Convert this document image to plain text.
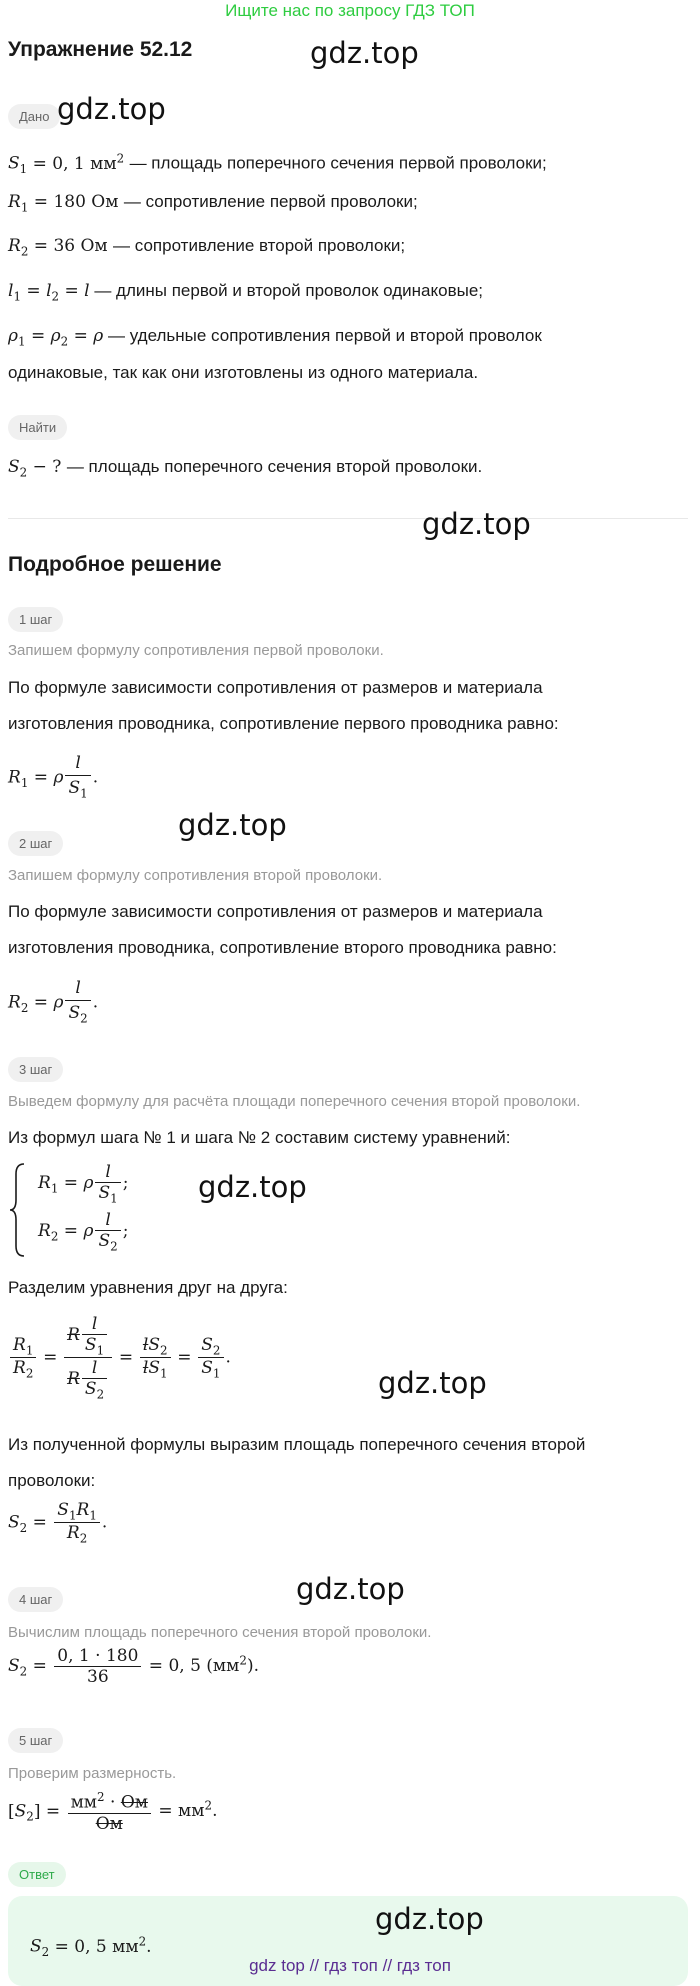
Ищите нас по запросу ГДЗ ТОП
Упражнение 52.12	gdz.top
Дано gdz.top
$S_1 = 0$, 1 $мм^2$ — площадь поперечного сечения первой проволоки;
$R_1 = 180$ Ом — сопротивление первой проволоки;
$R_2 = 36$ Ом — сопротивление второй проволоки;
$l_1 = l_2 = l$ — длины первой и второй проволок одинаковые;
$\rho_1 = \rho_2 = \rho$ — удельные сопротивления первой и второй проволок
одинаковые, так как они изготовлены из одного материала.
Найти
$S_2$ − ? — площадь поперечного сечения второй проволоки.
gdz.top
Подробное решение
1 шаг
Запишем формулу сопротивления первой проволоки.
По формуле зависимости сопротивления от размеров и материала
изготовления проводника, сопротивление первого проводника равно:
$R_1 = \rho \frac{l}{S_1}$ .
gdz.top
2 шаг
Запишем формулу сопротивления второй проволоки.
По формуле зависимости сопротивления от размеров и материала
изготовления проводника, сопротивление второго проводника равно:
$R_2 = \rho \frac{l}{S_2}$ .
3 шаг
Выведем формулу для расчёта площади поперечного сечения второй проволоки.
Из формул шага № 1 и шага № 2 составим систему уравнений:
$R_1 = \rho \frac{l}{S_1}$ ;
$R_2 = \rho \frac{l}{S_2}$ ;
gdz.top
Разделим уравнения друг на друга:
$\frac{R_1}{R_2} = \frac{R \frac{l}{S_1}}{R \frac{l}{S_2}} = \frac{lS_2}{lS_1} = \frac{S_2}{S_1}$ .
gdz.top
Из полученной формулы выразим площадь поперечного сечения второй
проволоки:
$S_2 = \frac{S_1R_1}{R_2}$ .
gdz.top
4 шаг
Вычислим площадь поперечного сечения второй проволоки.
$S_2 = \frac{0, 1 \cdot 180}{36} = 0$, 5 $(мм^2)$.
5 шаг
Проверим размерность.
$[S_2] = \frac{мм^2 \cdot Ом}{Ом} = мм^2$.
Ответ
$S_2 = 0$, 5 $мм^2$.
gdz.top
gdz top // гдз топ // гдз топ
